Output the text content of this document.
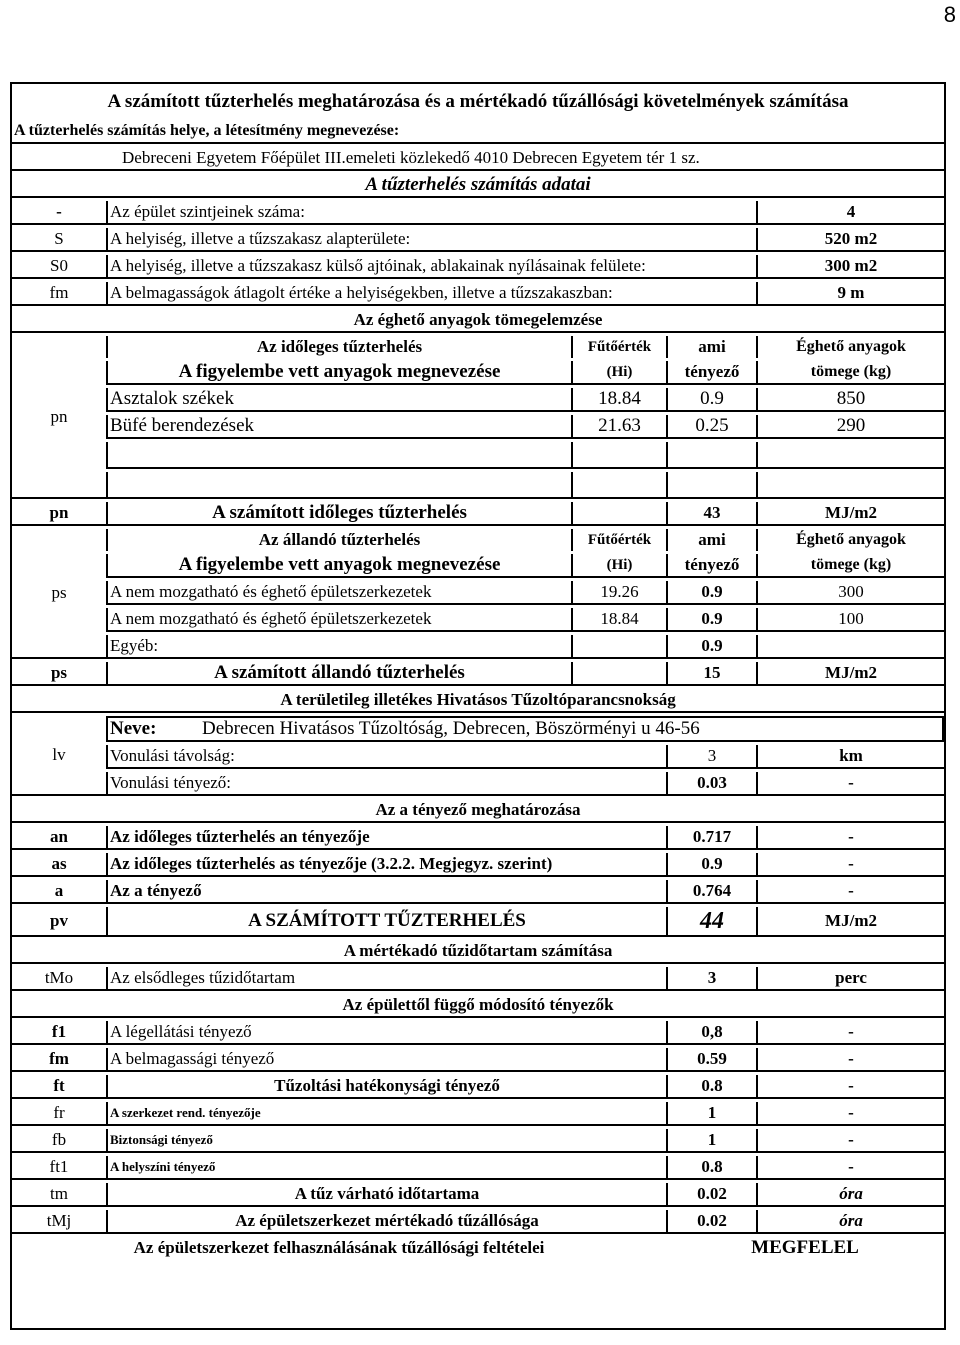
8
A számított tűzterhelés meghatározása és a mértékadó tűzállósági követelmények számítása				
A tűzterhelés számítás helye, a létesítmény megnevezése:				
Debreceni Egyetem Főépület III.emeleti közlekedő 4010 Debrecen Egyetem tér 1 sz.				
A tűzterhelés számítás adatai				
-	Az épület szintjeinek száma:			4
S	A helyiség, illetve a tűzszakasz alapterülete:			520 m2
S0	A helyiség, illetve a tűzszakasz külső ajtóinak, ablakainak nyílásainak felülete:			300 m2
fm	A belmagasságok átlagolt értéke a helyiségekben, illetve a tűzszakaszban:			9 m
Az éghető anyagok tömegelemzése				
pn	Az időleges tűzterhelés	Fűtőérték	ami	Éghető anyagok
	A figyelembe vett anyagok megnevezése	(Hi)	tényező	tömege (kg)
	Asztalok székek	18.84	0.9	850
	Büfé berendezések	21.63	0.25	290

pn	A számított időleges tűzterhelés		43	MJ/m2
ps	Az állandó tűzterhelés	Fűtőérték	ami	Éghető anyagok
	A figyelembe vett anyagok megnevezése	(Hi)	tényező	tömege (kg)
	A nem mozgatható és éghető épületszerkezetek	19.26	0.9	300
	A nem mozgatható és éghető épületszerkezetek	18.84	0.9	100
	Egyéb:		0.9	
ps	A számított állandó tűzterhelés		15	MJ/m2
A területileg illetékes Hivatásos Tűzoltóparancsnokság				
lv	Neve: Debrecen Hivatásos Tűzoltóság, Debrecen, Böszörményi u 46-56			
	Vonulási távolság:		3	km
	Vonulási tényező:		0.03	-
Az a tényező meghatározása				
an	Az időleges tűzterhelés an tényezője		0.717	-
as	Az időleges tűzterhelés as tényezője (3.2.2. Megjegyz. szerint)		0.9	-
a	Az a tényező		0.764	-
pv	A SZÁMÍTOTT TŰZTERHELÉS		44	MJ/m2
A mértékadó tűzidőtartam számítása				
tMo	Az elsődleges tűzidőtartam		3	perc
Az épülettől függő módosító tényezők				
f1	A légellátási tényező		0,8	-
fm	A belmagassági tényező		0.59	-
ft	Tűzoltási hatékonysági tényező		0.8	-
fr	A szerkezet rend. tényezője		1	-
fb	Biztonsági tényező		1	-
ft1	A helyszíni tényező		0.8	-
tm	A tűz várható időtartama		0.02	óra
tMj	Az épületszerkezet mértékadó tűzállósága		0.02	óra
Az épületszerkezet felhasználásának tűzállósági feltételei			MEGFELEL	
